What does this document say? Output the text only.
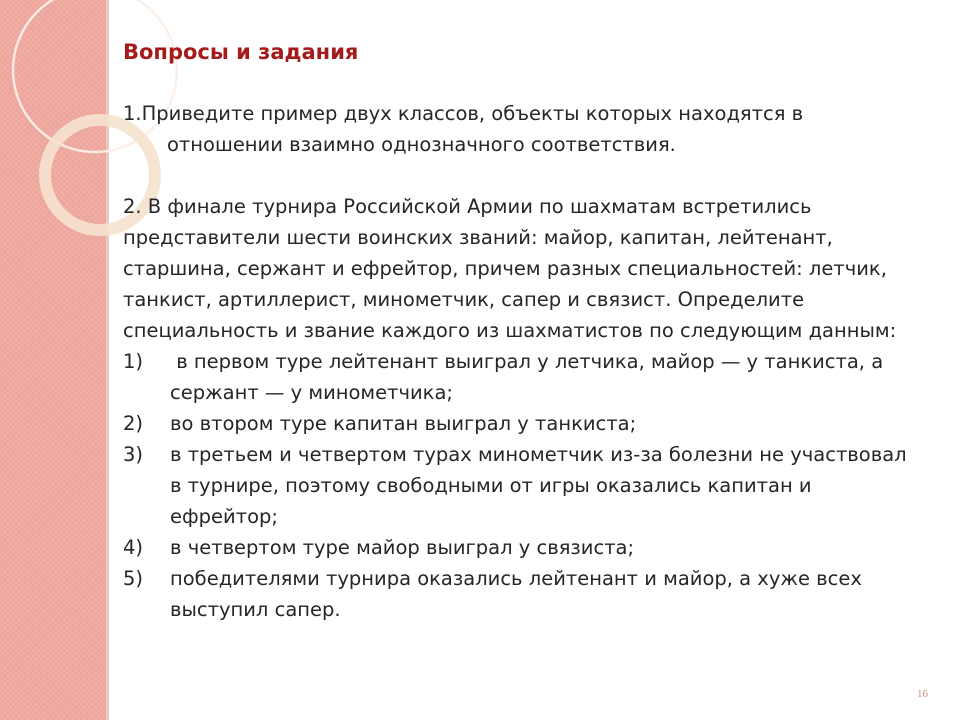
Вопросы и задания

1.Приведите пример двух классов, объекты которых находятся в отношении взаимно однозначного соответствия.

2. В финале турнира Российской Армии по шахматам встретились представители шести воинских званий: майор, капитан, лейтенант, старшина, сержант и ефрейтор, причем разных специальностей: летчик, танкист, артиллерист, минометчик, сапер и связист. Определите специальность и звание каждого из шахматистов по следующим данным:

1)	в первом туре лейтенант выиграл у летчика, майор — у танкиста, а сержант — у минометчика;
2)	во втором туре капитан выиграл у танкиста;
3)	в третьем и четвертом турах минометчик из-за болезни не участвовал в турнире, поэтому свободными от игры оказались капитан и ефрейтор;
4)	в четвертом туре майор выиграл у связиста;
5)	победителями турнира оказались лейтенант и майор, а хуже всех выступил сапер.
16
